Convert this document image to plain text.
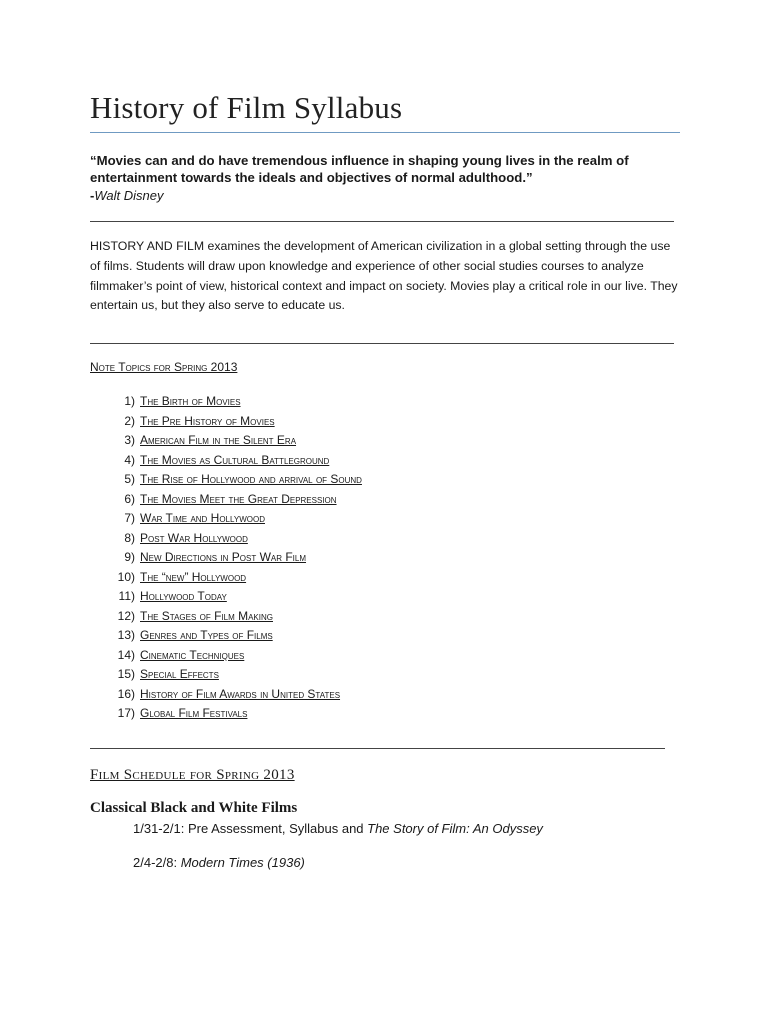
History of Film Syllabus

“Movies can and do have tremendous influence in shaping young lives in the realm of entertainment towards the ideals and objectives of normal adulthood.”

-Walt Disney

HISTORY AND FILM examines the development of American civilization in a global setting through the use of films. Students will draw upon knowledge and experience of other social studies courses to analyze filmmaker’s point of view, historical context and impact on society. Movies play a critical role in our live. They entertain us, but they also serve to educate us.

Note Topics for Spring 2013
1) The Birth of Movies
2) The Pre History of Movies
3) American Film in the Silent Era
4) The Movies as Cultural Battleground
5) The Rise of Hollywood and arrival of Sound
6) The Movies Meet the Great Depression
7) War Time and Hollywood
8) Post War Hollywood
9) New Directions in Post War Film
10) The “new” Hollywood
11) Hollywood Today
12) The Stages of Film Making
13) Genres and Types of Films
14) Cinematic Techniques
15) Special Effects
16) History of Film Awards in United States
17) Global Film Festivals
Film Schedule for Spring 2013
Classical Black and White Films
1/31-2/1: Pre Assessment, Syllabus and The Story of Film: An Odyssey
2/4-2/8: Modern Times (1936)
